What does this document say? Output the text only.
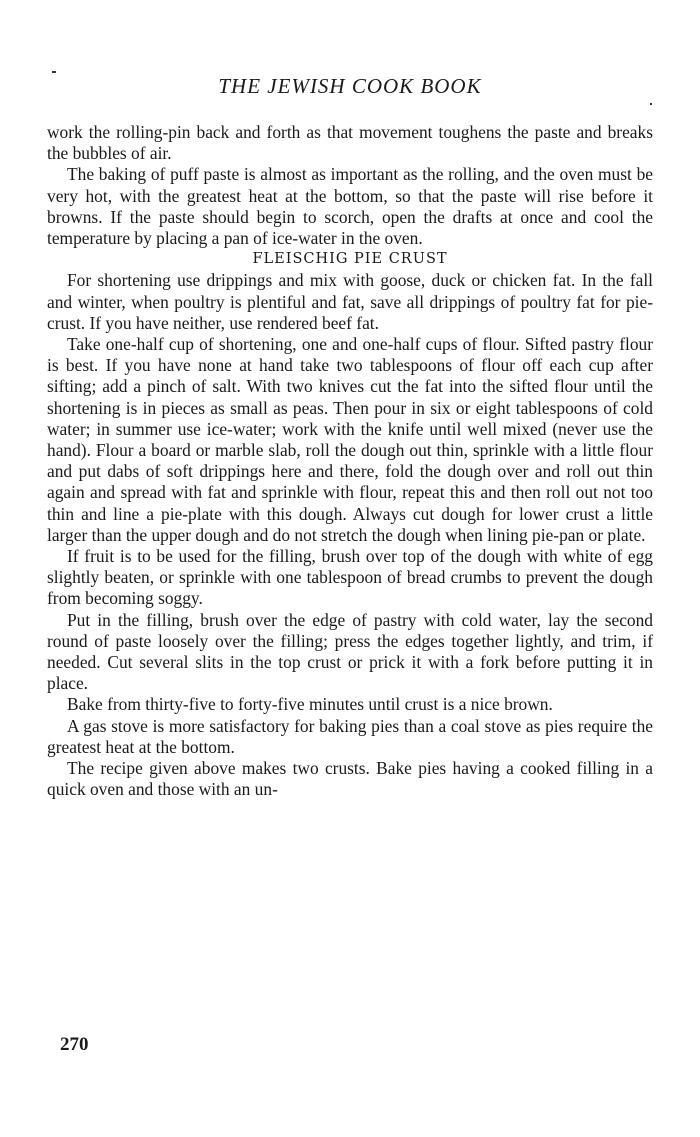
THE JEWISH COOK BOOK

work the rolling-pin back and forth as that movement toughens the paste and breaks the bubbles of air.

The baking of puff paste is almost as important as the rolling, and the oven must be very hot, with the greatest heat at the bottom, so that the paste will rise before it browns. If the paste should begin to scorch, open the drafts at once and cool the temperature by placing a pan of ice-water in the oven.

FLEISCHIG PIE CRUST

For shortening use drippings and mix with goose, duck or chicken fat. In the fall and winter, when poultry is plentiful and fat, save all drippings of poultry fat for pie-crust. If you have neither, use rendered beef fat.

Take one-half cup of shortening, one and one-half cups of flour. Sifted pastry flour is best. If you have none at hand take two tablespoons of flour off each cup after sifting; add a pinch of salt. With two knives cut the fat into the sifted flour until the shortening is in pieces as small as peas. Then pour in six or eight tablespoons of cold water; in summer use ice-water; work with the knife until well mixed (never use the hand). Flour a board or marble slab, roll the dough out thin, sprinkle with a little flour and put dabs of soft drippings here and there, fold the dough over and roll out thin again and spread with fat and sprinkle with flour, repeat this and then roll out not too thin and line a pie-plate with this dough. Always cut dough for lower crust a little larger than the upper dough and do not stretch the dough when lining pie-pan or plate.

If fruit is to be used for the filling, brush over top of the dough with white of egg slightly beaten, or sprinkle with one tablespoon of bread crumbs to prevent the dough from becoming soggy.

Put in the filling, brush over the edge of pastry with cold water, lay the second round of paste loosely over the filling; press the edges together lightly, and trim, if needed. Cut several slits in the top crust or prick it with a fork before putting it in place.

Bake from thirty-five to forty-five minutes until crust is a nice brown.

A gas stove is more satisfactory for baking pies than a coal stove as pies require the greatest heat at the bottom.

The recipe given above makes two crusts. Bake pies having a cooked filling in a quick oven and those with an un-

270
